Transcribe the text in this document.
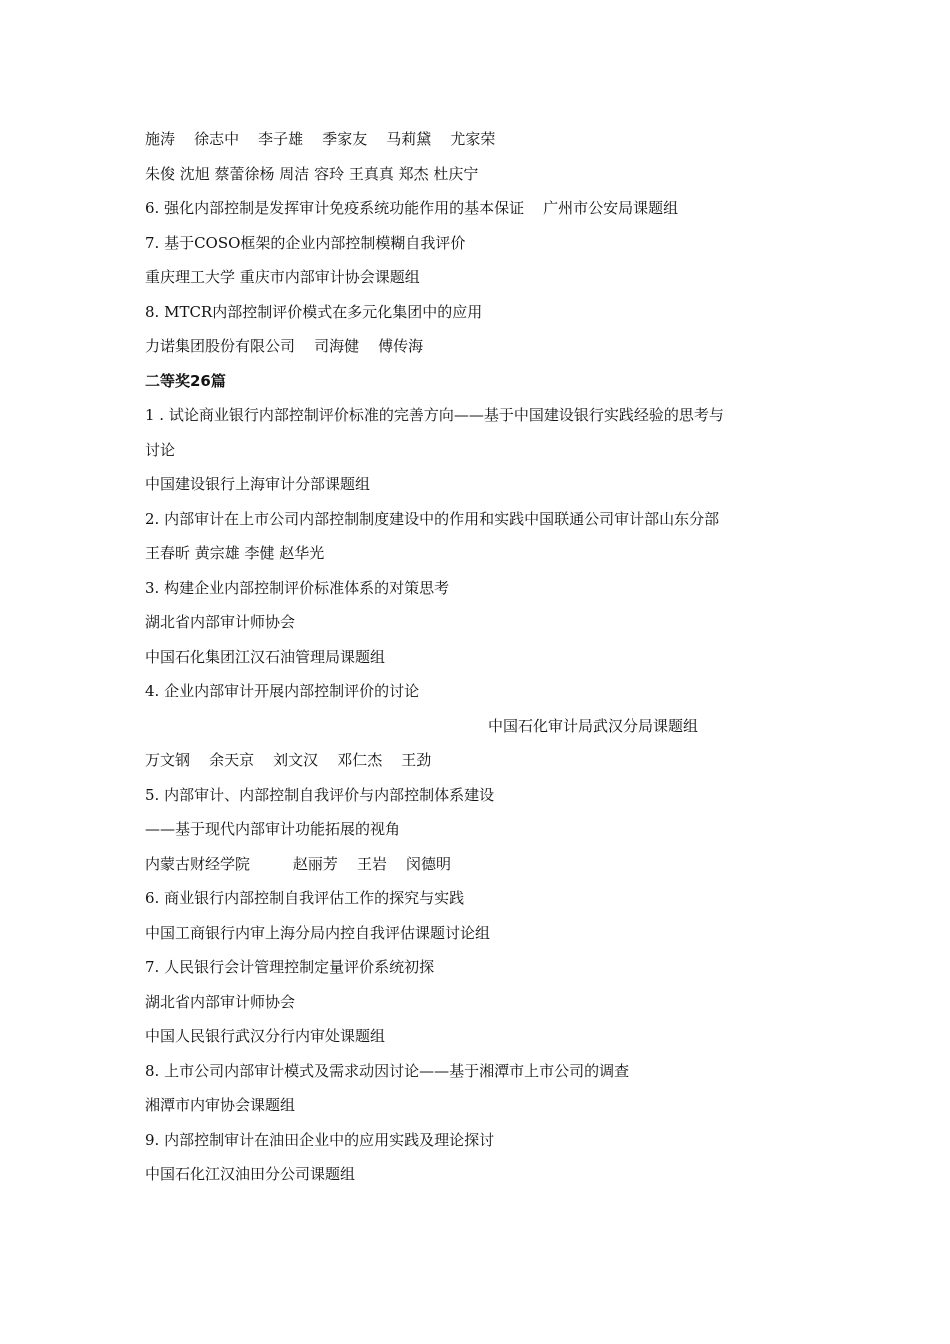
施涛    徐志中    李子雄    季家友    马莉黛    尤家荣
朱俊 沈旭 蔡蕾徐杨 周洁 容玲 王真真 郑杰 杜庆宁
6. 强化内部控制是发挥审计免疫系统功能作用的基本保证    广州市公安局课题组
7. 基于COSO框架的企业内部控制模糊自我评价
重庆理工大学 重庆市内部审计协会课题组
8. MTCR内部控制评价模式在多元化集团中的应用
力诺集团股份有限公司    司海健    傅传海
二等奖26篇
1 . 试论商业银行内部控制评价标准的完善方向——基于中国建设银行实践经验的思考与
讨论
中国建设银行上海审计分部课题组
2. 内部审计在上市公司内部控制制度建设中的作用和实践中国联通公司审计部山东分部
王春昕 黄宗雄 李健 赵华光
3. 构建企业内部控制评价标准体系的对策思考
湖北省内部审计师协会
中国石化集团江汉石油管理局课题组
4. 企业内部审计开展内部控制评价的讨论
中国石化审计局武汉分局课题组
万文钢    余天京    刘文汉    邓仁杰    王劲
5. 内部审计、内部控制自我评价与内部控制体系建设
——基于现代内部审计功能拓展的视角
内蒙古财经学院         赵丽芳    王岩    闵德明
6. 商业银行内部控制自我评估工作的探究与实践
中国工商银行内审上海分局内控自我评估课题讨论组
7. 人民银行会计管理控制定量评价系统初探
湖北省内部审计师协会
中国人民银行武汉分行内审处课题组
8. 上市公司内部审计模式及需求动因讨论——基于湘潭市上市公司的调查
湘潭市内审协会课题组
9. 内部控制审计在油田企业中的应用实践及理论探讨
中国石化江汉油田分公司课题组
